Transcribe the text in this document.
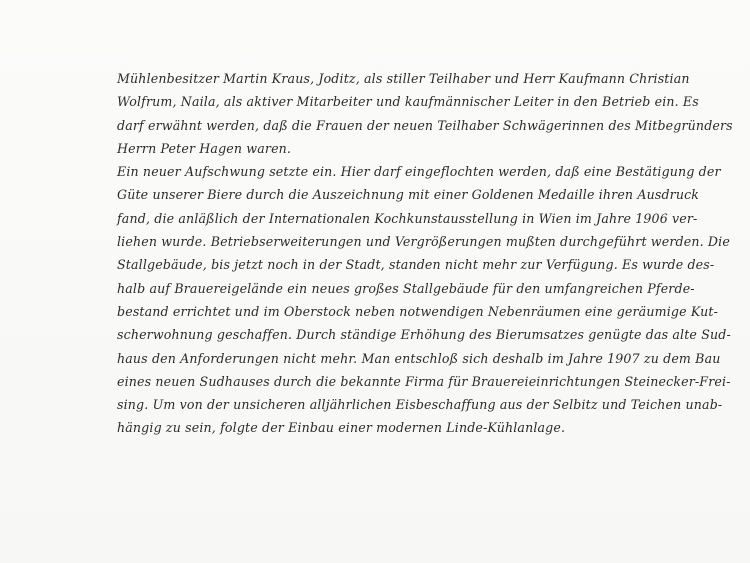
Mühlenbesitzer Martin Kraus, Joditz, als stiller Teilhaber und Herr Kaufmann Christian
Wolfrum, Naila, als aktiver Mitarbeiter und kaufmännischer Leiter in den Betrieb ein. Es
darf erwähnt werden, daß die Frauen der neuen Teilhaber Schwägerinnen des Mitbegründers
Herrn Peter Hagen waren.
Ein neuer Aufschwung setzte ein. Hier darf eingeflochten werden, daß eine Bestätigung der
Güte unserer Biere durch die Auszeichnung mit einer Goldenen Medaille ihren Ausdruck
fand, die anläßlich der Internationalen Kochkunstausstellung in Wien im Jahre 1906 ver-
liehen wurde. Betriebserweiterungen und Vergrößerungen mußten durchgeführt werden. Die
Stallgebäude, bis jetzt noch in der Stadt, standen nicht mehr zur Verfügung. Es wurde des-
halb auf Brauereigelände ein neues großes Stallgebäude für den umfangreichen Pferde-
bestand errichtet und im Oberstock neben notwendigen Nebenräumen eine geräumige Kut-
scherwohnung geschaffen. Durch ständige Erhöhung des Bierumsatzes genügte das alte Sud-
haus den Anforderungen nicht mehr. Man entschloß sich deshalb im Jahre 1907 zu dem Bau
eines neuen Sudhauses durch die bekannte Firma für Brauereieinrichtungen Steinecker-Frei-
sing. Um von der unsicheren alljährlichen Eisbeschaffung aus der Selbitz und Teichen unab-
hängig zu sein, folgte der Einbau einer modernen Linde-Kühlanlage.
